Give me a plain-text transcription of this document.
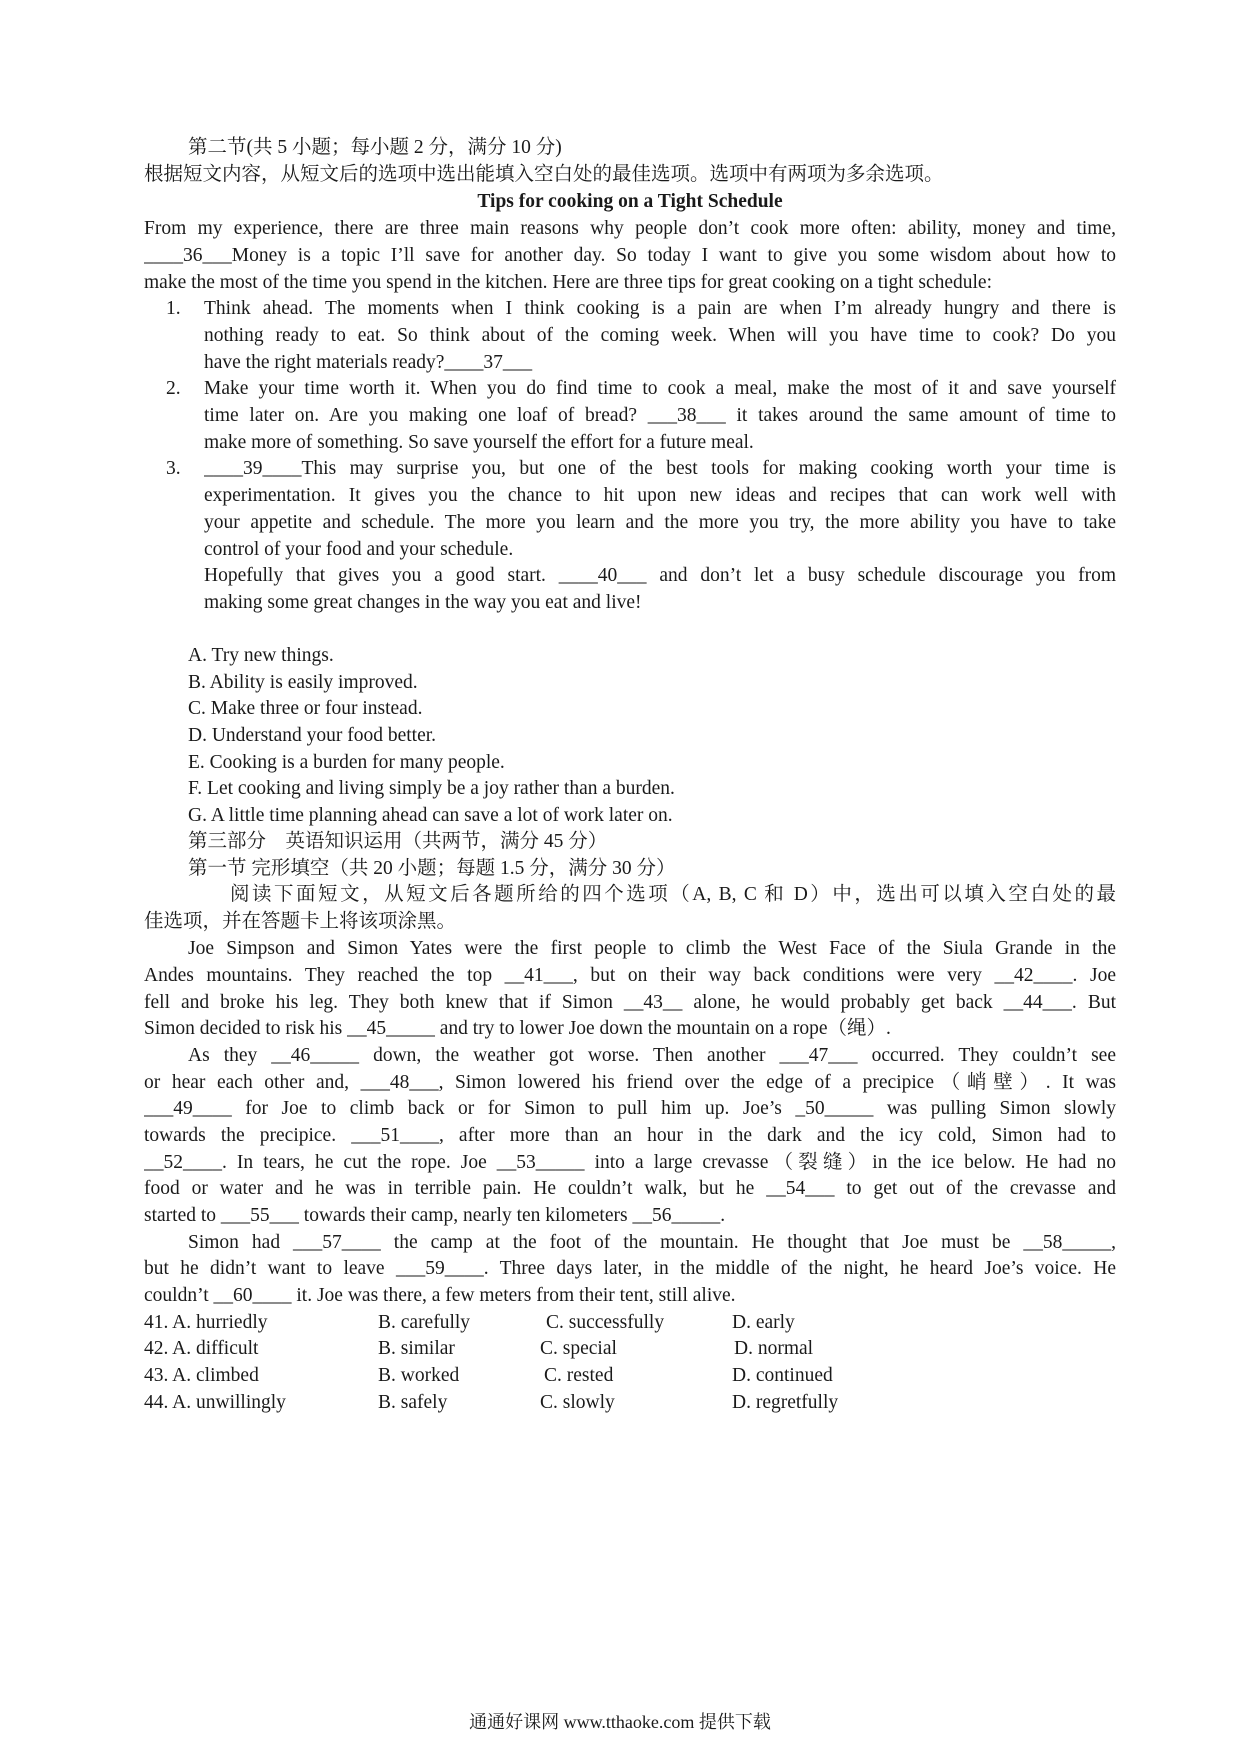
第二节(共 5 小题；每小题 2 分，满分 10 分)
根据短文内容，从短文后的选项中选出能填入空白处的最佳选项。选项中有两项为多余选项。
Tips for cooking on a Tight Schedule
From my experience, there are three main reasons why people don’t cook more often: ability, money and time,
____36___Money is a topic I’ll save for another day. So today I want to give you some wisdom about how to
make the most of the time you spend in the kitchen. Here are three tips for great cooking on a tight schedule:
1. Think ahead. The moments when I think cooking is a pain are when I’m already hungry and there is
nothing ready to eat. So think about of the coming week. When will you have time to cook? Do you
have the right materials ready?____37___
2. Make your time worth it. When you do find time to cook a meal, make the most of it and save yourself
time later on. Are you making one loaf of bread? ___38___ it takes around the same amount of time to
make more of something. So save yourself the effort for a future meal.
3. ____39____This may surprise you, but one of the best tools for making cooking worth your time is
experimentation. It gives you the chance to hit upon new ideas and recipes that can work well with
your appetite and schedule. The more you learn and the more you try, the more ability you have to take
control of your food and your schedule.
Hopefully that gives you a good start. ____40___ and don’t let a busy schedule discourage you from
making some great changes in the way you eat and live!
A. Try new things.
B. Ability is easily improved.
C. Make three or four instead.
D. Understand your food better.
E. Cooking is a burden for many people.
F. Let cooking and living simply be a joy rather than a burden.
G. A little time planning ahead can save a lot of work later on.
第三部分　英语知识运用（共两节，满分 45 分）
第一节 完形填空（共 20 小题；每题 1.5 分，满分 30 分）
阅读下面短文，从短文后各题所给的四个选项（A, B, C 和 D）中，选出可以填入空白处的最
佳选项，并在答题卡上将该项涂黑。
Joe Simpson and Simon Yates were the first people to climb the West Face of the Siula Grande in the
Andes mountains. They reached the top __41___, but on their way back conditions were very __42____. Joe
fell and broke his leg. They both knew that if Simon __43__ alone, he would probably get back __44___. But
Simon decided to risk his __45_____ and try to lower Joe down the mountain on a rope（绳）.
As they __46_____ down, the weather got worse. Then another ___47___ occurred. They couldn’t see
or hear each other and, ___48___, Simon lowered his friend over the edge of a precipice（峭壁）. It was
___49____ for Joe to climb back or for Simon to pull him up. Joe’s _50_____ was pulling Simon slowly
towards the precipice. ___51____, after more than an hour in the dark and the icy cold, Simon had to
__52____. In tears, he cut the rope. Joe __53_____ into a large crevasse（裂缝）in the ice below. He had no
food or water and he was in terrible pain. He couldn’t walk, but he __54___ to get out of the crevasse and
started to ___55___ towards their camp, nearly ten kilometers __56_____.
Simon had ___57____ the camp at the foot of the mountain. He thought that Joe must be __58_____,
but he didn’t want to leave ___59____. Three days later, in the middle of the night, he heard Joe’s voice. He
couldn’t __60____ it. Joe was there, a few meters from their tent, still alive.
41. A. hurriedly	B. carefully	C. successfully	D. early
42. A. difficult	B. similar	C. special	D. normal
43. A. climbed	B. worked	C. rested	D. continued
44. A. unwillingly	B. safely	C. slowly	D. regretfully
通通好课网 www.tthaoke.com 提供下载
